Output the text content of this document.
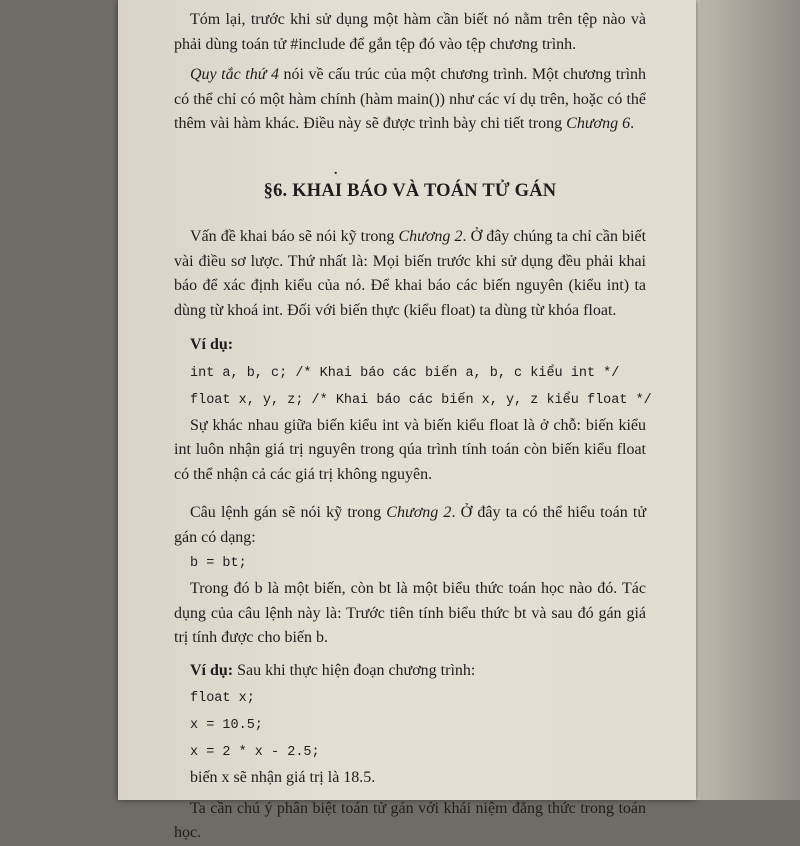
Tóm lại, trước khi sử dụng một hàm cần biết nó nằm trên tệp nào và phải dùng toán tử #include để gắn tệp đó vào tệp chương trình.

Quy tắc thứ 4 nói về cấu trúc của một chương trình. Một chương trình có thể chỉ có một hàm chính (hàm main()) như các ví dụ trên, hoặc có thể thêm vài hàm khác. Điều này sẽ được trình bày chi tiết trong Chương 6.

.
§6. KHAI BÁO VÀ TOÁN TỬ GÁN

Vấn đề khai báo sẽ nói kỹ trong Chương 2. Ở đây chúng ta chỉ cần biết vài điều sơ lược. Thứ nhất là: Mọi biến trước khi sử dụng đều phải khai báo để xác định kiểu của nó. Để khai báo các biến nguyên (kiểu int) ta dùng từ khoá int. Đối với biến thực (kiểu float) ta dùng từ khóa float.

Ví dụ:
int a, b, c; /* Khai báo các biến a, b, c kiểu int */
float x, y, z; /* Khai báo các biến x, y, z kiểu float */

Sự khác nhau giữa biến kiểu int và biến kiểu float là ở chỗ: biến kiểu int luôn nhận giá trị nguyên trong qúa trình tính toán còn biến kiểu float có thể nhận cả các giá trị không nguyên.

Câu lệnh gán sẽ nói kỹ trong Chương 2. Ở đây ta có thể hiểu toán tử gán có dạng:

b = bt;

Trong đó b là một biến, còn bt là một biểu thức toán học nào đó. Tác dụng của câu lệnh này là: Trước tiên tính biểu thức bt và sau đó gán giá trị tính được cho biến b.

Ví dụ: Sau khi thực hiện đoạn chương trình:
float x;
x = 10.5;
x = 2 * x - 2.5;
biến x sẽ nhận giá trị là 18.5.

Ta cần chú ý phân biệt toán tử gán với khái niệm đẳng thức trong toán học.
